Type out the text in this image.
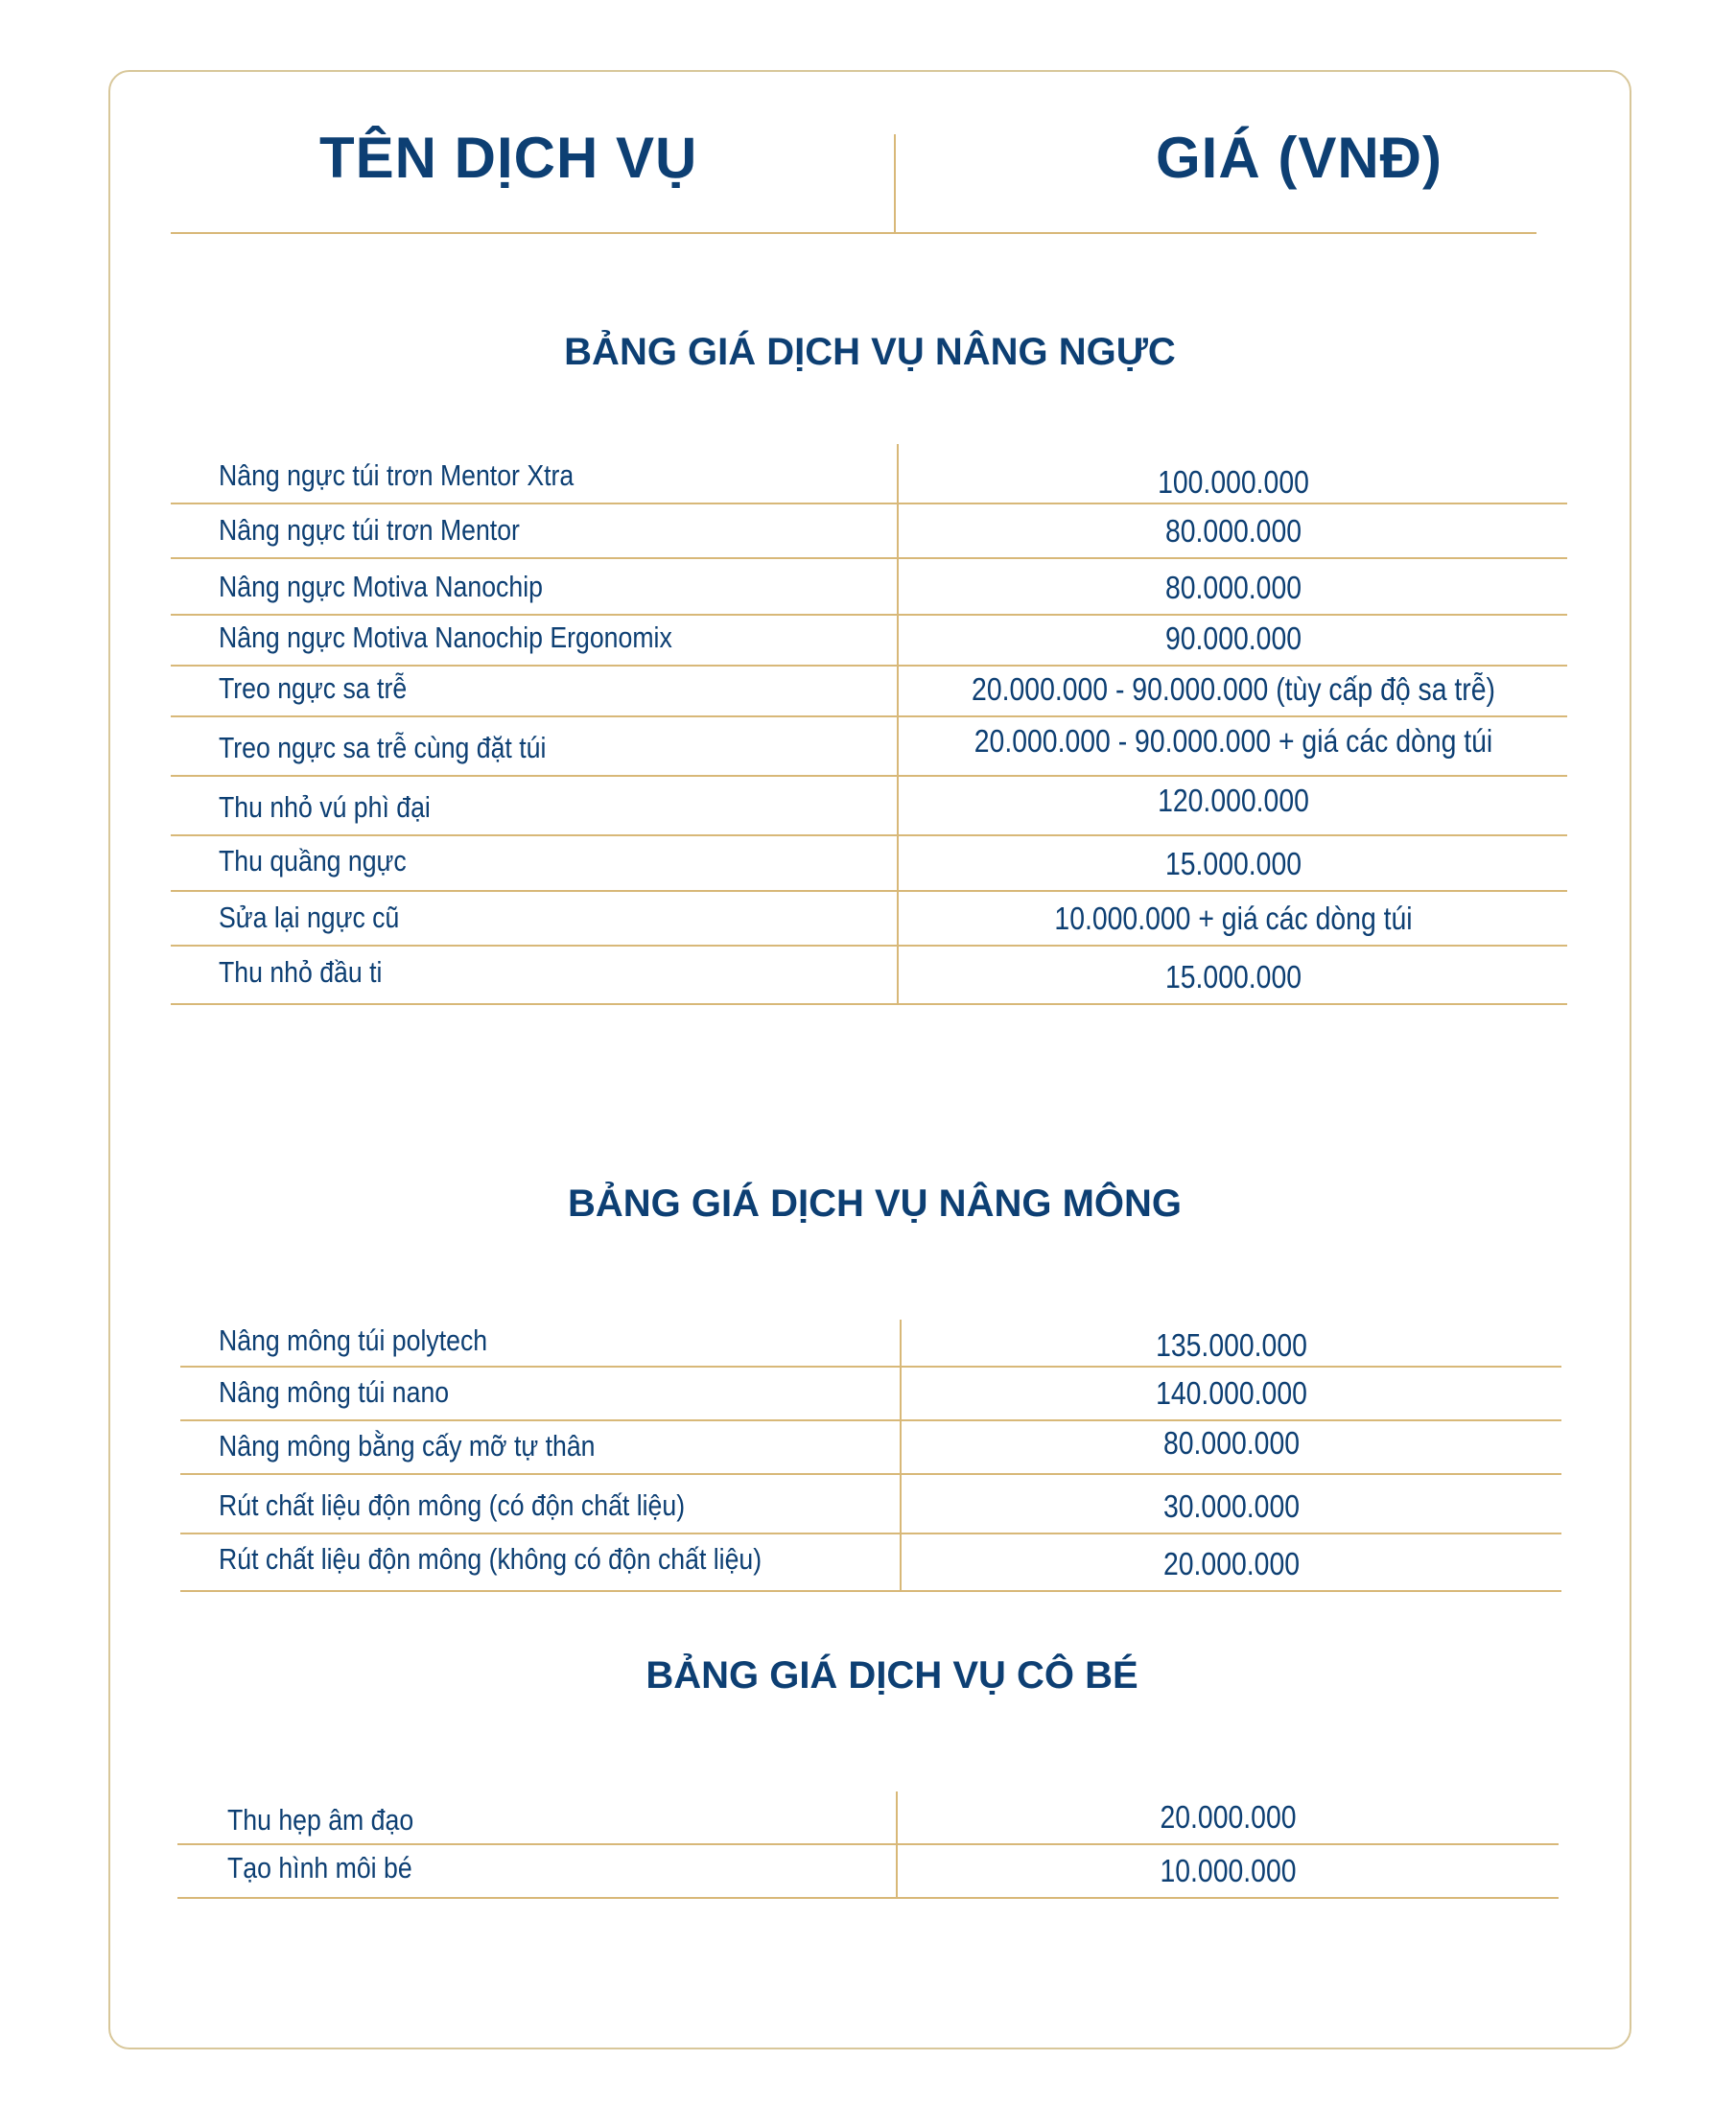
TÊN DỊCH VỤ	GIÁ (VNĐ)
BẢNG GIÁ DỊCH VỤ NÂNG NGỰC
Nâng ngực túi trơn Mentor Xtra	100.000.000
Nâng ngực túi trơn Mentor	80.000.000
Nâng ngực Motiva Nanochip	80.000.000
Nâng ngực Motiva Nanochip Ergonomix	90.000.000
Treo ngực sa trễ	20.000.000 - 90.000.000 (tùy cấp độ sa trễ)
Treo ngực sa trễ cùng đặt túi	20.000.000 - 90.000.000 + giá các dòng túi
Thu nhỏ vú phì đại	120.000.000
Thu quầng ngực	15.000.000
Sửa lại ngực cũ	10.000.000 + giá các dòng túi
Thu nhỏ đầu ti	15.000.000
BẢNG GIÁ DỊCH VỤ NÂNG MÔNG
Nâng mông túi polytech	135.000.000
Nâng mông túi nano	140.000.000
Nâng mông bằng cấy mỡ tự thân	80.000.000
Rút chất liệu độn mông (có độn chất liệu)	30.000.000
Rút chất liệu độn mông (không có độn chất liệu)	20.000.000
BẢNG GIÁ DỊCH VỤ CÔ BÉ
Thu hẹp âm đạo	20.000.000
Tạo hình môi bé	10.000.000
